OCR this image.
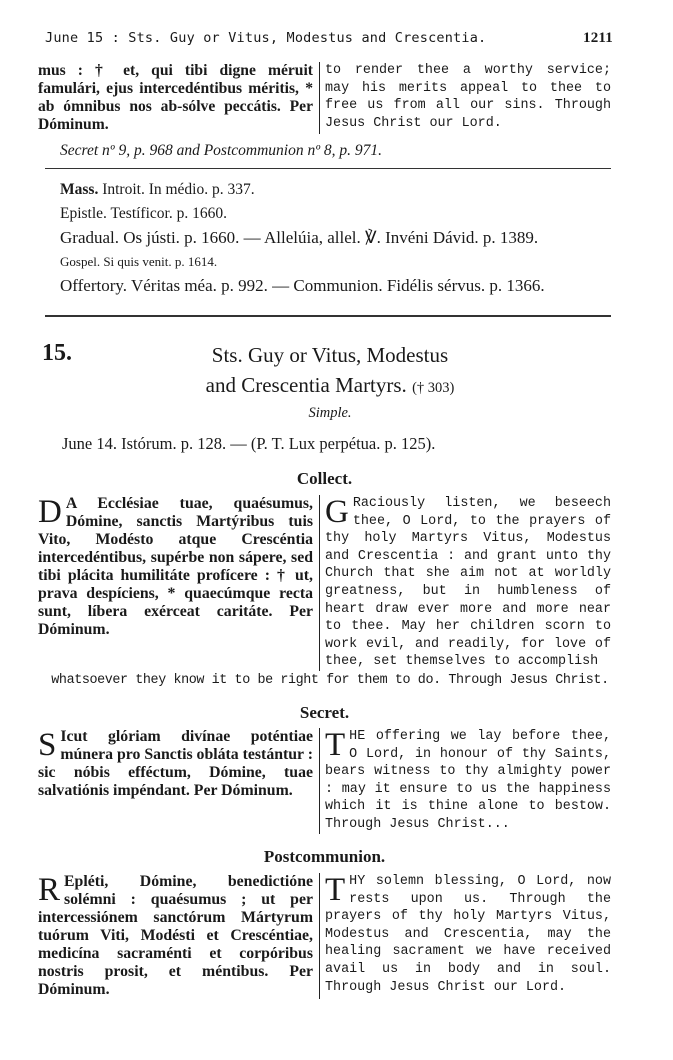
June 15 : Sts. Guy or Vitus, Modestus and Crescentia.	1211

mus : † et, qui tibi digne méruit famulári, ejus intercedéntibus méritis, * ab ómnibus nos ab-sólve peccátis. Per Dóminum.

to render thee a worthy service; may his merits appeal to thee to free us from all our sins. Through Jesus Christ our Lord.

Secret nº 9, p. 968 and Postcommunion nº 8, p. 971.
Mass. Introit. In médio. p. 337.
Epistle. Testíficor. p. 1660.
Gradual. Os jústi. p. 1660. — Allelúia, allel. ℣. Invéni Dávid. p. 1389.
Gospel. Si quis venit. p. 1614.
Offertory. Véritas méa. p. 992. — Communion. Fidélis sérvus. p. 1366.
15.	Sts. Guy or Vitus, Modestus
and Crescentia Martyrs. († 303)
Simple.
June 14. Istórum. p. 128. — (P. T. Lux perpétua. p. 125).
Collect.
D A Ecclésiae tuae, quaésumus, Dómine, sanctis Martýribus tuis Vito, Modésto atque Crescéntia intercedéntibus, supérbe non sápere, sed tibi plácita humilitáte profícere : † ut, prava despíciens, * quaecúmque recta sunt, líbera exérceat caritáte. Per Dóminum.

G Raciously listen, we beseech thee, O Lord, to the prayers of thy holy Martyrs Vitus, Modestus and Crescentia : and grant unto thy Church that she aim not at worldly greatness, but in humbleness of heart draw ever more and more near to thee. May her children scorn to work evil, and readily, for love of thee, set themselves to accomplish

whatsoever they know it to be right for them to do. Through Jesus Christ.
Secret.
S Icut glóriam divínae poténtiae múnera pro Sanctis obláta testántur : sic nóbis efféctum, Dómine, tuae salvatiónis impéndant. Per Dóminum.

T HE offering we lay before thee, O Lord, in honour of thy Saints, bears witness to thy almighty power : may it ensure to us the happiness which it is thine alone to bestow. Through Jesus Christ...

Postcommunion.
R Epléti, Dómine, benedictióne solémni : quaésumus ; ut per intercessiónem sanctórum Mártyrum tuórum Viti, Modésti et Crescéntiae, medicína sacraménti et corpóribus nostris prosit, et méntibus. Per Dóminum.

T HY solemn blessing, O Lord, now rests upon us. Through the prayers of thy holy Martyrs Vitus, Modestus and Crescentia, may the healing sacrament we have received avail us in body and in soul. Through Jesus Christ our Lord.
